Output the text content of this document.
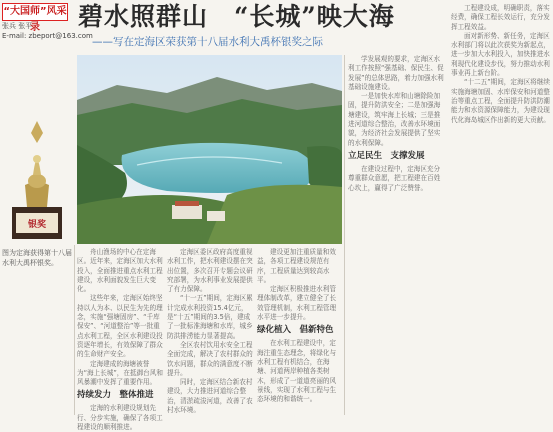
“大国师”风采录
张兵 张平
E-mail: zbeport@163.com
碧水照群山　“长城”映大海
——写在定海区荣获第十八届水利大禹杯银奖之际
银奖
图为定海获得第十八届水利大禹杯银奖。

舟山渔场的中心在定海区。近年来，定海区加大水利投入，全面推进重点水利工程建设，水利面貌发生巨大变化。

这些年来，定海区始终坚持以人为本、以民生为先的理念，实施“强塘固房”、“千库保安”、“河道整治”等一批重点水利工程，全区水利建设投资逐年增长，有效保障了群众的生命财产安全。

定海建成的海塘被誉为“海上长城”，在抵御台风和风暴潮中发挥了重要作用。

持续发力　整体推进

定海的水利建设规划先行、分步实施，确保了各项工程建设的顺利推进。

定海区委区政府高度重视水利工作，把水利建设摆在突出位置，多次召开专题会议研究部署，为水利事业发展提供了有力保障。

“十一五”期间，定海区累计完成水利投资15.4亿元，是“十五”期间的3.5倍，建成了一批标准海塘和水库，城乡防洪排涝能力显著提高。

全区农村饮用水安全工程全面完成，解决了农村群众的饮水问题，群众的满意度不断提升。

同时，定海区结合新农村建设，大力推进河道综合整治，清淤疏浚河道，改善了农村水环境。

建设更加注重质量和效益，各项工程建设规范有序，工程质量达到较高水平。

定海区积极推进水利管理体制改革，建立健全了长效管理机制，水利工程管理水平进一步提升。

绿化植入　倡新特色

在水利工程建设中，定海注重生态理念，将绿化与水利工程有机结合，在海塘、河道两岸种植各类树木，形成了一道道亮丽的风景线，实现了水利工程与生态环境的和谐统一。

学发展观的要求，定海区水利工作按照“强基础、保民生、促发展”的总体思路，着力加强水利基础设施建设。

一是加快水库和山塘除险加固，提升防洪安全；二是加强海塘建设，筑牢海上长城；三是推进河道综合整治，改善水环境面貌，为经济社会发展提供了坚实的水利保障。

立足民生　支撑发展

在建设过程中，定海区充分尊重群众意愿，把工程建在百姓心坎上，赢得了广泛赞誉。

工程建设成，明确职责，落实经费，确保工程长效运行，充分发挥工程效益。

面对新形势、新任务，定海区水利部门将以此次获奖为新起点，进一步加大水利投入，加快推进水利现代化建设步伐，努力推动水利事业再上新台阶。

“十二五”期间，定海区将继续实施海塘加固、水库保安和河道整治等重点工程，全面提升防洪防潮能力和水资源保障能力，为建设现代化海岛城区作出新的更大贡献。
